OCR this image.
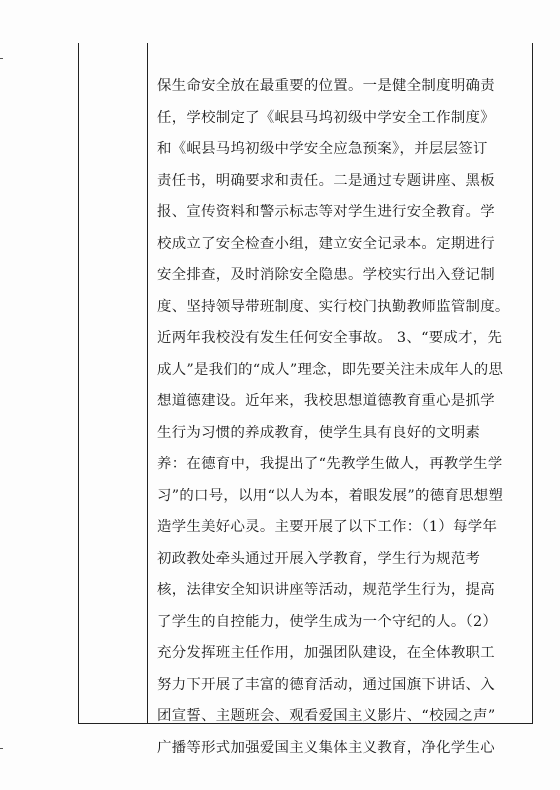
保生命安全放在最重要的位置。一是健全制度明确责
任，学校制定了《岷县马坞初级中学安全工作制度》
和《岷县马坞初级中学安全应急预案》，并层层签订
责任书，明确要求和责任。二是通过专题讲座、黑板
报、宣传资料和警示标志等对学生进行安全教育。学
校成立了安全检查小组，建立安全记录本。定期进行
安全排查，及时消除安全隐患。学校实行出入登记制
度、坚持领导带班制度、实行校门执勤教师监管制度。
近两年我校没有发生任何安全事故。 3、“要成才，先
成人”是我们的“成人”理念，即先要关注未成年人的思
想道德建设。近年来，我校思想道德教育重心是抓学
生行为习惯的养成教育，使学生具有良好的文明素
养：在德育中，我提出了“先教学生做人，再教学生学
习”的口号，以用“以人为本，着眼发展”的德育思想塑
造学生美好心灵。主要开展了以下工作：（1）每学年
初政教处牵头通过开展入学教育，学生行为规范考
核，法律安全知识讲座等活动，规范学生行为，提高
了学生的自控能力，使学生成为一个守纪的人。（2）
充分发挥班主任作用，加强团队建设，在全体教职工
努力下开展了丰富的德育活动，通过国旗下讲话、入
团宣誓、主题班会、观看爱国主义影片、“校园之声”
广播等形式加强爱国主义集体主义教育，净化学生心
